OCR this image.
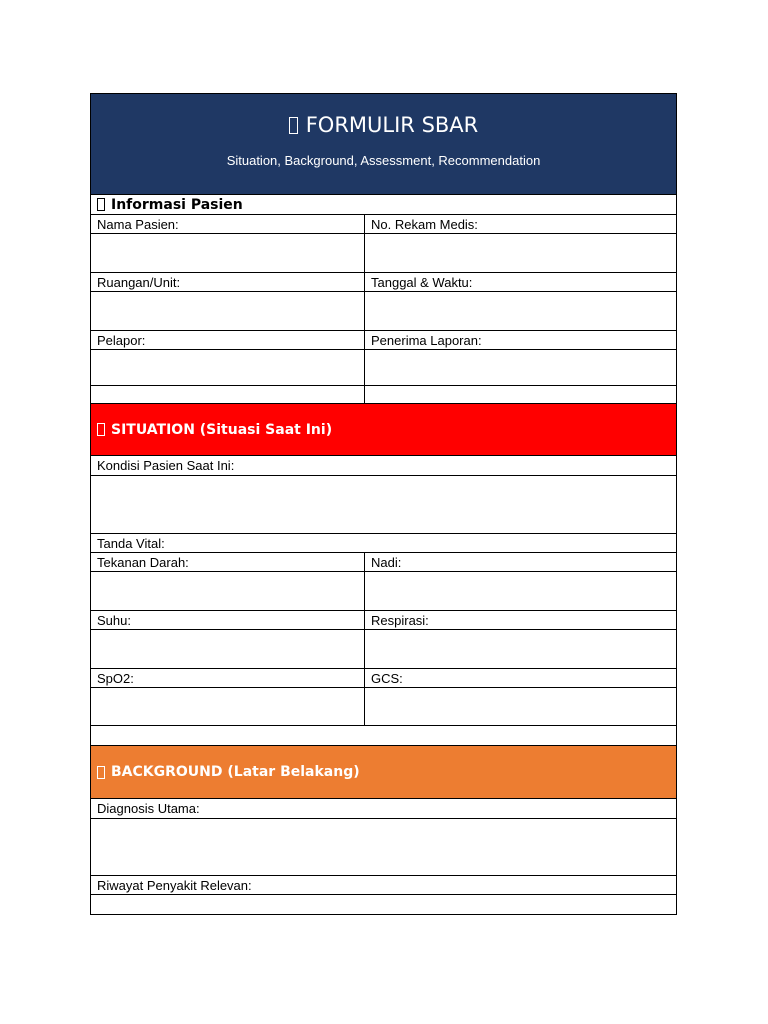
FORMULIR SBAR
Situation, Background, Assessment, Recommendation
Informasi Pasien
Nama Pasien:	No. Rekam Medis:
Ruangan/Unit:	Tanggal & Waktu:
Pelapor:	Penerima Laporan:
SITUATION (Situasi Saat Ini)
Kondisi Pasien Saat Ini:
Tanda Vital:
Tekanan Darah:	Nadi:
Suhu:	Respirasi:
SpO2:	GCS:
BACKGROUND (Latar Belakang)
Diagnosis Utama:
Riwayat Penyakit Relevan:
